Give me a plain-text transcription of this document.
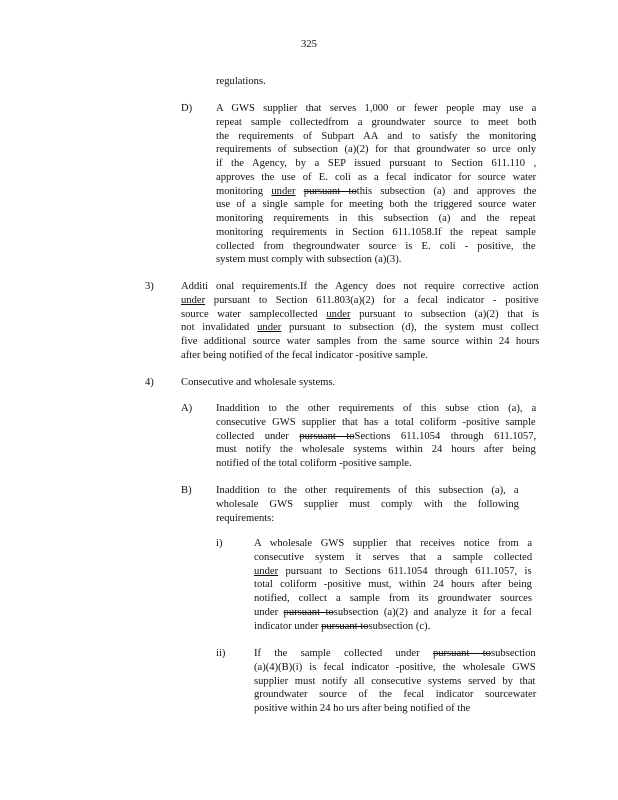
325
regulations.
D) A GWS supplier that serves 1,000 or fewer people may use a
repeat sample collectedfrom a groundwater source to meet both
the requirements of Subpart AA and to satisfy the monitoring
requirements of subsection (a)(2) for that groundwater so urce only
if the Agency, by a SEP issued pursuant to Section 611.110 ,
approves the use of E. coli as a fecal indicator for source water
monitoring under pursuant tothis subsection (a) and approves the
use of a single sample for meeting both the triggered source water
monitoring requirements in this subsection (a) and the repeat
monitoring requirements in Section 611.1058.If the repeat sample
collected from thegroundwater source is E. coli - positive, the
system must comply with subsection (a)(3).
3)	Additi onal requirements.If the Agency does not require corrective action
under pursuant to Section 611.803(a)(2) for a fecal indicator - positive
source water samplecollected under pursuant to subsection (a)(2) that is
not invalidated under pursuant to subsection (d), the system must collect
five additional source water samples from the same source within 24 hours
after being notified of the fecal indicator -positive sample.
4)	Consecutive and wholesale systems.
A) Inaddition to the other requirements of this subse ction (a), a
consecutive GWS supplier that has a total coliform -positive sample
collected under pursuant toSections 611.1054 through 611.1057,
must notify the wholesale systems within 24 hours after being
notified of the total coliform -positive sample.
B) Inaddition to the other requirements of this subsection (a), a
wholesale GWS supplier must comply with the following
requirements:
i)	A wholesale GWS supplier that receives notice from a
consecutive system it serves that a sample collected
under pursuant to Sections 611.1054 through 611.1057, is
total coliform -positive must, within 24 hours after being
notified, collect a sample from its groundwater sources
under pursuant tosubsection (a)(2) and analyze it for a fecal
indicator under pursuant tosubsection (c).
ii)	If the sample collected under pursuant tosubsection
(a)(4)(B)(i) is fecal indicator -positive, the wholesale GWS
supplier must notify all consecutive systems served by that
groundwater source of the fecal indicator sourcewater
positive within 24 ho urs after being notified of the
